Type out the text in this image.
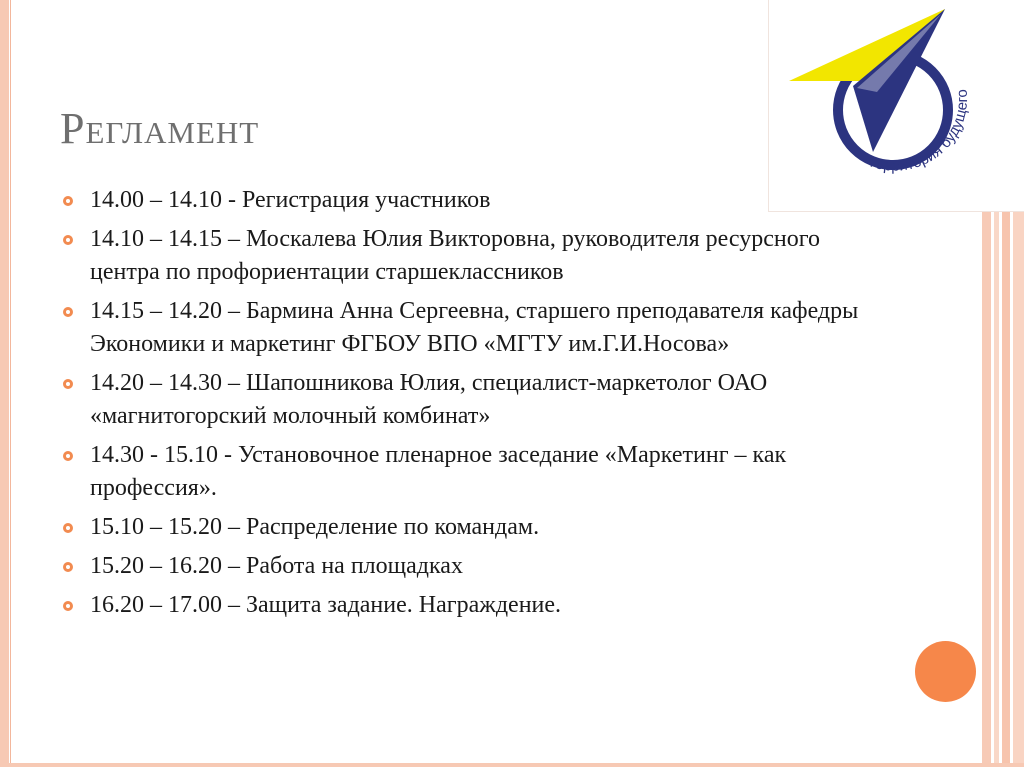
Территория будущего
Регламент
14.00 – 14.10 - Регистрация участников
14.10 – 14.15 – Москалева Юлия Викторовна, руководителя ресурсного центра по профориентации старшеклассников
14.15 – 14.20 – Бармина Анна Сергеевна, старшего преподавателя кафедры Экономики и маркетинг ФГБОУ ВПО «МГТУ им.Г.И.Носова»
14.20 – 14.30 – Шапошникова Юлия, специалист-маркетолог ОАО «магнитогорский молочный комбинат»
14.30 - 15.10 - Установочное пленарное заседание «Маркетинг – как профессия».
15.10 – 15.20 – Распределение по командам.
15.20 – 16.20 – Работа на площадках
16.20 – 17.00 – Защита задание. Награждение.
